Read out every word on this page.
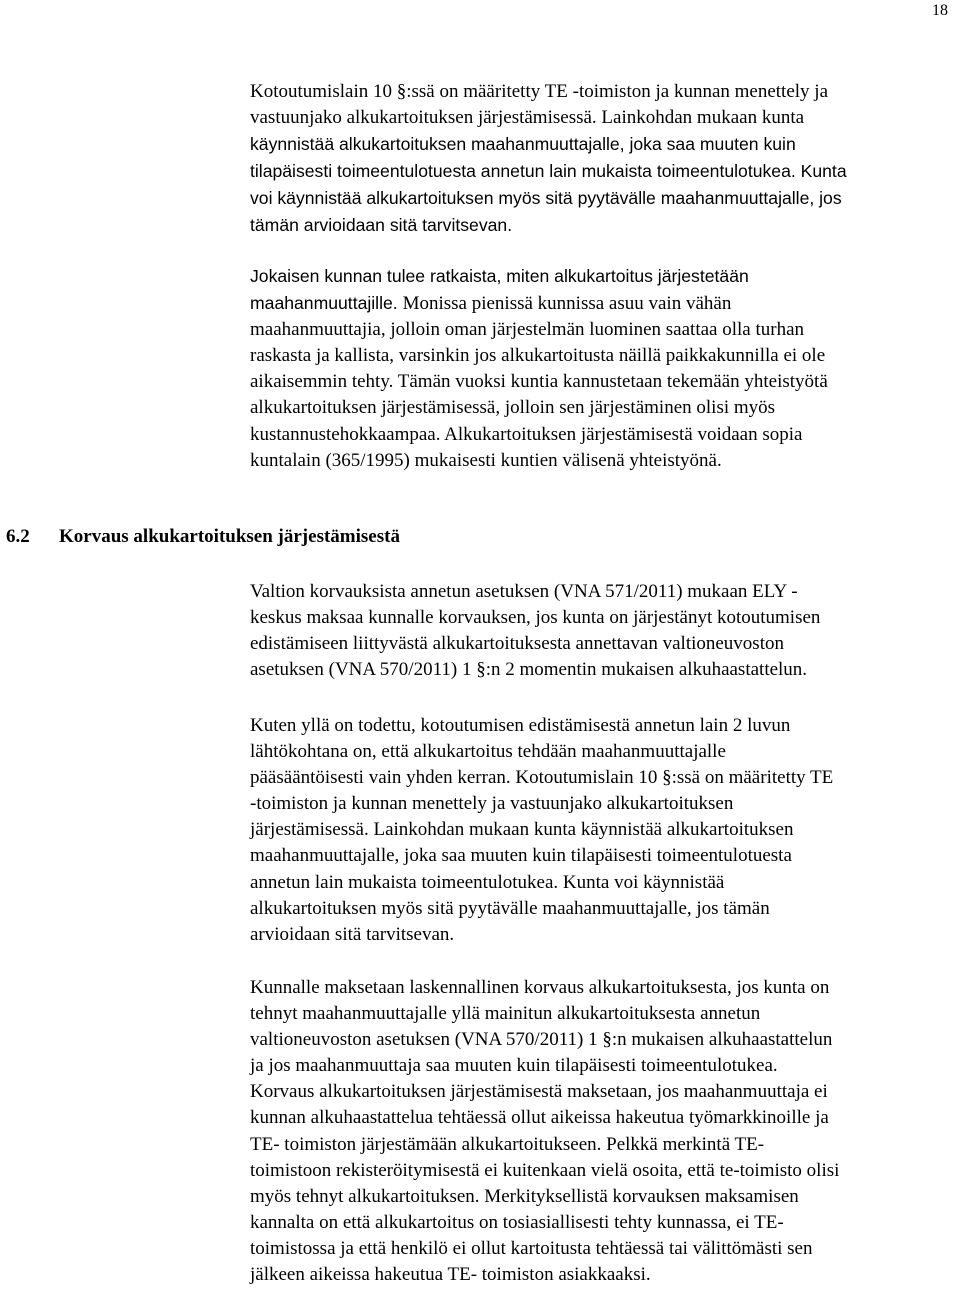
18

Kotoutumislain 10 §:ssä on määritetty TE -toimiston ja kunnan menettely ja
vastuunjako alkukartoituksen järjestämisessä. Lainkohdan mukaan kunta
käynnistää alkukartoituksen maahanmuuttajalle, joka saa muuten kuin
tilapäisesti toimeentulotuesta annetun lain mukaista toimeentulotukea. Kunta
voi käynnistää alkukartoituksen myös sitä pyytävälle maahanmuuttajalle, jos
tämän arvioidaan sitä tarvitsevan.

Jokaisen kunnan tulee ratkaista, miten alkukartoitus järjestetään
maahanmuuttajille. Monissa pienissä kunnissa asuu vain vähän
maahanmuuttajia, jolloin oman järjestelmän luominen saattaa olla turhan
raskasta ja kallista, varsinkin jos alkukartoitusta näillä paikkakunnilla ei ole
aikaisemmin tehty. Tämän vuoksi kuntia kannustetaan tekemään yhteistyötä
alkukartoituksen järjestämisessä, jolloin sen järjestäminen olisi myös
kustannustehokkaampaa. Alkukartoituksen järjestämisestä voidaan sopia
kuntalain (365/1995) mukaisesti kuntien välisenä yhteistyönä.

6.2 Korvaus alkukartoituksen järjestämisestä

Valtion korvauksista annetun asetuksen (VNA 571/2011) mukaan ELY -
keskus maksaa kunnalle korvauksen, jos kunta on järjestänyt kotoutumisen
edistämiseen liittyvästä alkukartoituksesta annettavan valtioneuvoston
asetuksen (VNA 570/2011) 1 §:n 2 momentin mukaisen alkuhaastattelun.

Kuten yllä on todettu, kotoutumisen edistämisestä annetun lain 2 luvun
lähtökohtana on, että alkukartoitus tehdään maahanmuuttajalle
pääsääntöisesti vain yhden kerran. Kotoutumislain 10 §:ssä on määritetty TE
-toimiston ja kunnan menettely ja vastuunjako alkukartoituksen
järjestämisessä. Lainkohdan mukaan kunta käynnistää alkukartoituksen
maahanmuuttajalle, joka saa muuten kuin tilapäisesti toimeentulotuesta
annetun lain mukaista toimeentulotukea. Kunta voi käynnistää
alkukartoituksen myös sitä pyytävälle maahanmuuttajalle, jos tämän
arvioidaan sitä tarvitsevan.

Kunnalle maksetaan laskennallinen korvaus alkukartoituksesta, jos kunta on
tehnyt maahanmuuttajalle yllä mainitun alkukartoituksesta annetun
valtioneuvoston asetuksen (VNA 570/2011) 1 §:n mukaisen alkuhaastattelun
ja jos maahanmuuttaja saa muuten kuin tilapäisesti toimeentulotukea.
Korvaus alkukartoituksen järjestämisestä maksetaan, jos maahanmuuttaja ei
kunnan alkuhaastattelua tehtäessä ollut aikeissa hakeutua työmarkkinoille ja
TE- toimiston järjestämään alkukartoitukseen. Pelkkä merkintä TE-
toimistoon rekisteröitymisestä ei kuitenkaan vielä osoita, että te-toimisto olisi
myös tehnyt alkukartoituksen. Merkityksellistä korvauksen maksamisen
kannalta on että alkukartoitus on tosiasiallisesti tehty kunnassa, ei TE-
toimistossa ja että henkilö ei ollut kartoitusta tehtäessä tai välittömästi sen
jälkeen aikeissa hakeutua TE- toimiston asiakkaaksi.
